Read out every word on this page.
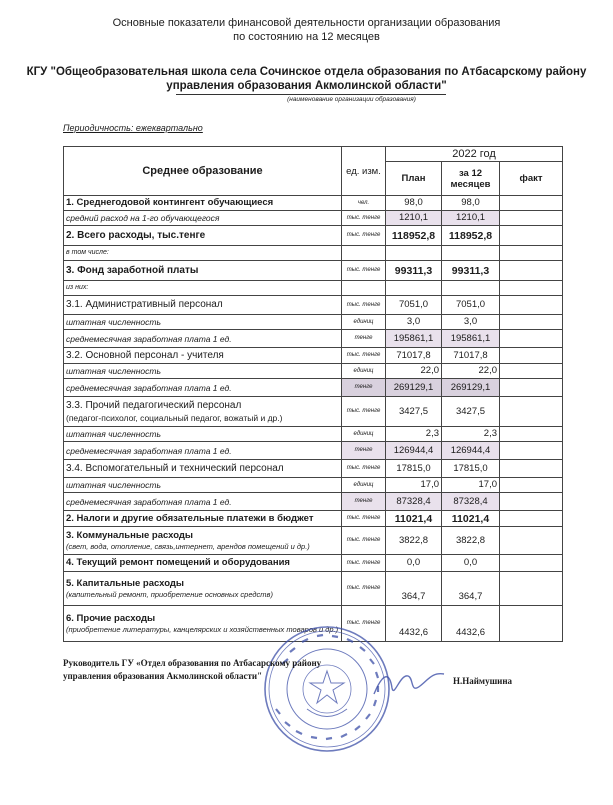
Основные показатели финансовой деятельности организации образования
по состоянию на 12 месяцев
КГУ "Общеобразовательная школа села Сочинское отдела образования по Атбасарскому району
управления образования Акмолинской области"
(наименование организации образования)
Периодичность: ежеквартально
Среднее образование	ед. изм.	2022 год		
		План	за 12 месяцев	факт
1. Среднегодовой контингент обучающиеся	чел.	98,0	98,0	
средний расход на 1-го обучающегося	тыс. тенге	1210,1	1210,1	
2. Всего расходы, тыс.тенге	тыс. тенге	118952,8	118952,8	
в том числе:				
3. Фонд заработной платы	тыс. тенге	99311,3	99311,3	
из них:				
3.1. Административный персонал	тыс. тенге	7051,0	7051,0	
штатная численность	единиц	3,0	3,0	
среднемесячная заработная плата 1 ед.	тенге	195861,1	195861,1	
3.2. Основной персонал - учителя	тыс. тенге	71017,8	71017,8	
штатная численность	единиц	22,0	22,0	
среднемесячная заработная плата 1 ед.	тенге	269129,1	269129,1	

3.3. Прочий педагогический персонал
(педагог-психолог, социальный педагог, вожатый и др.)	тыс. тенге	3427,5	3427,5	
штатная численность	единиц	2,3	2,3	
среднемесячная заработная плата 1 ед.	тенге	126944,4	126944,4	
3.4. Вспомогательный и технический персонал	тыс. тенге	17815,0	17815,0	
штатная численность	единиц	17,0	17,0	
среднемесячная заработная плата 1 ед.	тенге	87328,4	87328,4	
2. Налоги и другие обязательные платежи в бюджет	тыс. тенге	11021,4	11021,4	

3. Коммунальные расходы
(свет, вода, отопление, связь,интернет, арендов помещений и др.)	тыс. тенге	3822,8	3822,8	
4. Текущий ремонт помещений и оборудования	тыс. тенге	0,0	0,0	

5. Капитальные расходы
(капительный ремонт, приобретение основных средств)	тыс. тенге	364,7	364,7	

6. Прочие расходы
(приобретение литературы, канцелярских и хозяйственных товаров и др.)	тыс. тенге	4432,6	4432,6	
Руководитель ГУ «Отдел образования по Атбасарскому району
управления образования Акмолинской области"	Н.Наймушина
